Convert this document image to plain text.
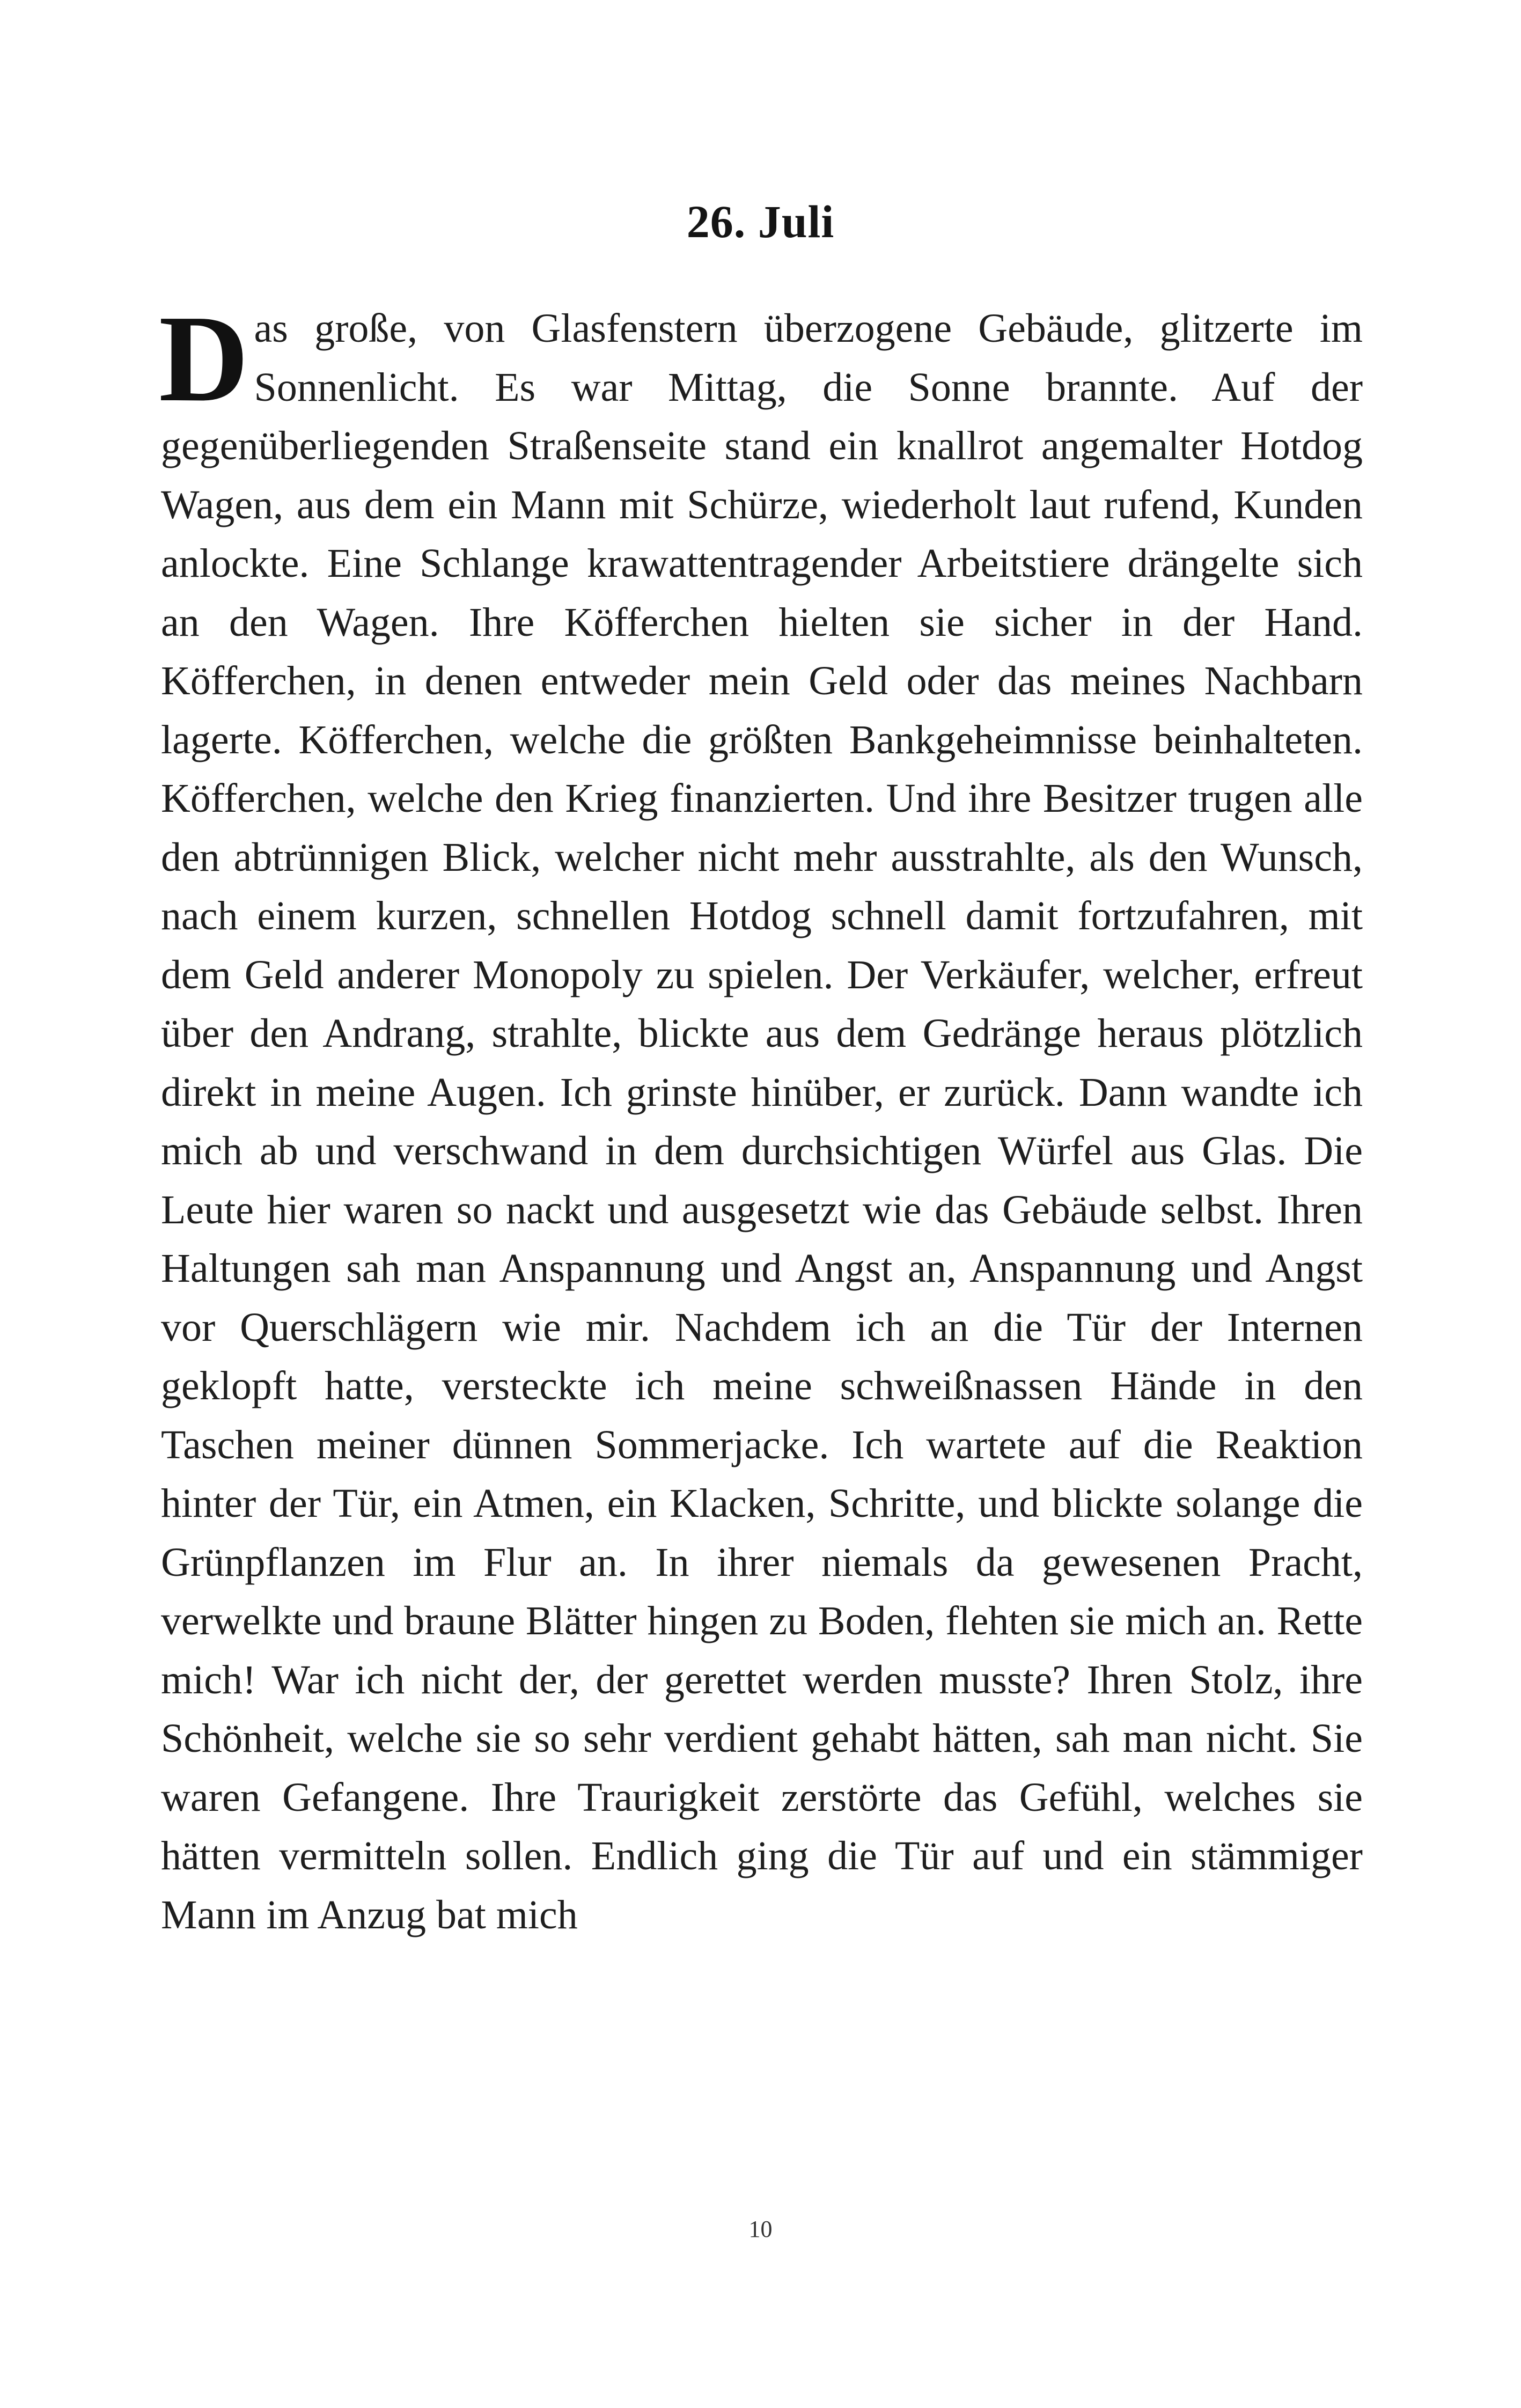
26. Juli

Das große, von Glasfenstern überzogene Gebäude, glitzerte im Sonnenlicht. Es war Mittag, die Sonne brannte. Auf der gegenüberliegenden Straßenseite stand ein knallrot angemalter Hotdog Wagen, aus dem ein Mann mit Schürze, wiederholt laut rufend, Kunden anlockte. Eine Schlange krawattentragender Arbeitstiere drängelte sich an den Wagen. Ihre Köfferchen hielten sie sicher in der Hand. Köfferchen, in denen entweder mein Geld oder das meines Nachbarn lagerte. Köfferchen, welche die größten Bankgeheimnisse beinhalteten. Köfferchen, welche den Krieg finanzierten. Und ihre Besitzer trugen alle den abtrünnigen Blick, welcher nicht mehr ausstrahlte, als den Wunsch, nach einem kurzen, schnellen Hotdog schnell damit fortzufahren, mit dem Geld anderer Monopoly zu spielen. Der Verkäufer, welcher, erfreut über den Andrang, strahlte, blickte aus dem Gedränge heraus plötzlich direkt in meine Augen. Ich grinste hinüber, er zurück. Dann wandte ich mich ab und verschwand in dem durchsichtigen Würfel aus Glas. Die Leute hier waren so nackt und ausgesetzt wie das Gebäude selbst. Ihren Haltungen sah man Anspannung und Angst an, Anspannung und Angst vor Querschlägern wie mir. Nachdem ich an die Tür der Internen geklopft hatte, versteckte ich meine schweißnassen Hände in den Taschen meiner dünnen Sommerjacke. Ich wartete auf die Reaktion hinter der Tür, ein Atmen, ein Klacken, Schritte, und blickte solange die Grünpflanzen im Flur an. In ihrer niemals da gewesenen Pracht, verwelkte und braune Blätter hingen zu Boden, flehten sie mich an. Rette mich! War ich nicht der, der gerettet werden musste? Ihren Stolz, ihre Schönheit, welche sie so sehr verdient gehabt hätten, sah man nicht. Sie waren Gefangene. Ihre Traurigkeit zerstörte das Gefühl, welches sie hätten vermitteln sollen. Endlich ging die Tür auf und ein stämmiger Mann im Anzug bat mich

10
